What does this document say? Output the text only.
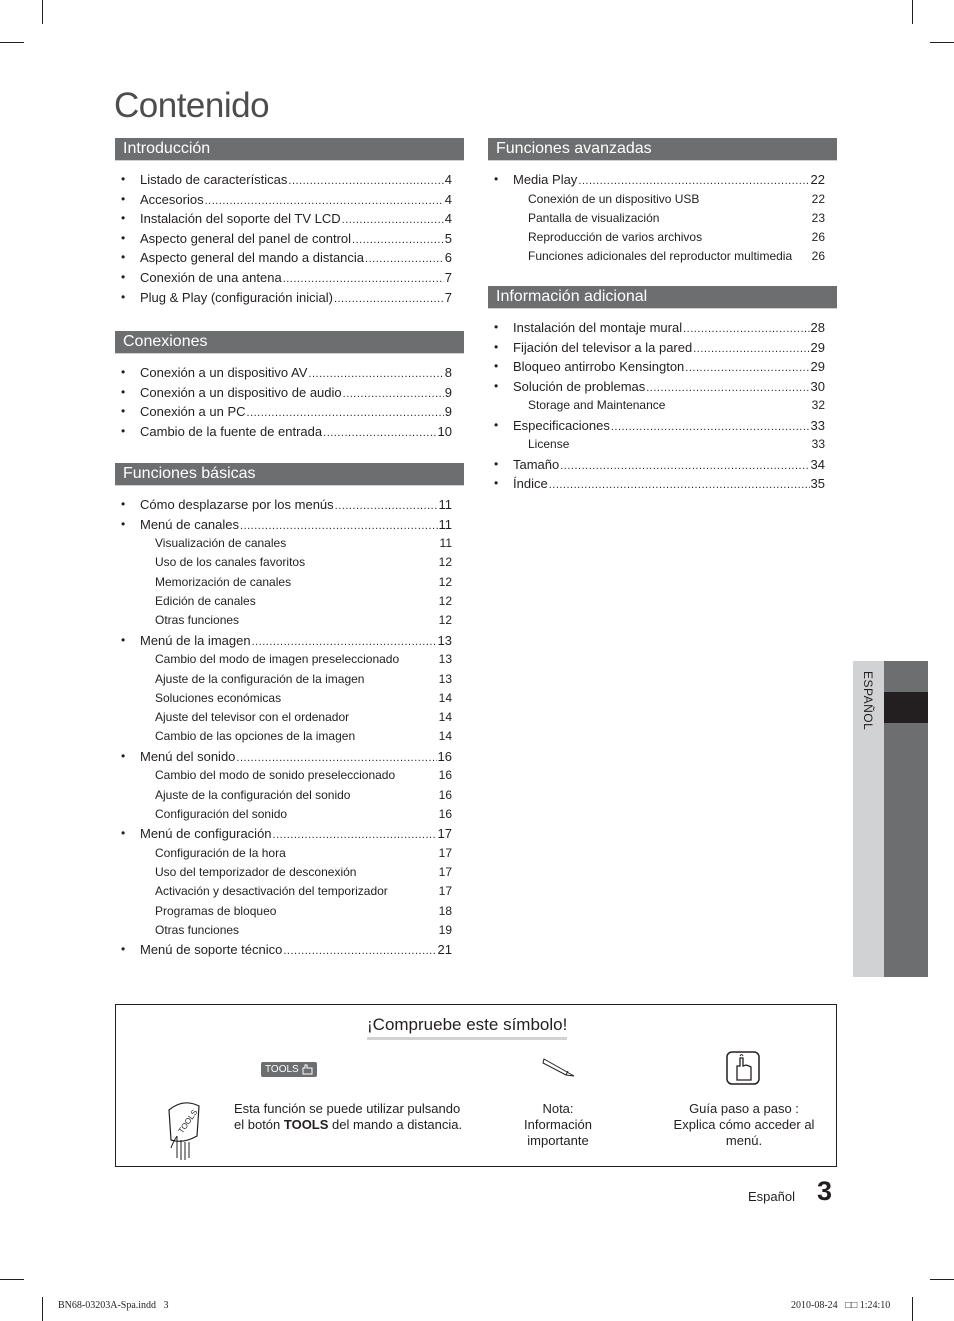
Contenido
Introducción
• Listado de características .....	4
• Accesorios .....	4
• Instalación del soporte del TV LCD .....	4
• Aspecto general del panel de control .....	5
• Aspecto general del mando a distancia .....	6
• Conexión de una antena .....	7
• Plug & Play (configuración inicial) .....	7
Conexiones
• Conexión a un dispositivo AV .....	8
• Conexión a un dispositivo de audio .....	9
• Conexión a un PC .....	9
• Cambio de la fuente de entrada .....	10
Funciones básicas
• Cómo desplazarse por los menús .....	11
• Menú de canales .....	11
Visualización de canales	11
Uso de los canales favoritos	12
Memorización de canales	12
Edición de canales	12
Otras funciones	12
• Menú de la imagen .....	13
Cambio del modo de imagen preseleccionado	13
Ajuste de la configuración de la imagen	13
Soluciones económicas	14
Ajuste del televisor con el ordenador	14
Cambio de las opciones de la imagen	14
• Menú del sonido .....	16
Cambio del modo de sonido preseleccionado	16
Ajuste de la configuración del sonido	16
Configuración del sonido	16
• Menú de configuración .....	17
Configuración de la hora	17
Uso del temporizador de desconexión	17
Activación y desactivación del temporizador	17
Programas de bloqueo	18
Otras funciones	19
• Menú de soporte técnico .....	21
Funciones avanzadas
• Media Play .....	22
Conexión de un dispositivo USB	22
Pantalla de visualización	23
Reproducción de varios archivos	26
Funciones adicionales del reproductor multimedia 26
Información adicional
• Instalación del montaje mural .....	28
• Fijación del televisor a la pared .....	29
• Bloqueo antirrobo Kensington .....	29
• Solución de problemas .....	30
Storage and Maintenance	32
• Especificaciones .....	33
License	33
• Tamaño .....	34
• Índice .....	35
ESPAÑOL
¡Compruebe este símbolo!
TOOLS
TOOLS	Esta función se puede utilizar pulsando
el botón TOOLS del mando a distancia.
Nota:
Información importante
Guía paso a paso :
Explica cómo acceder al
menú.
Español 3
BN68-03203A-Spa.indd   3	2010-08-24   □□ 1:24:10
